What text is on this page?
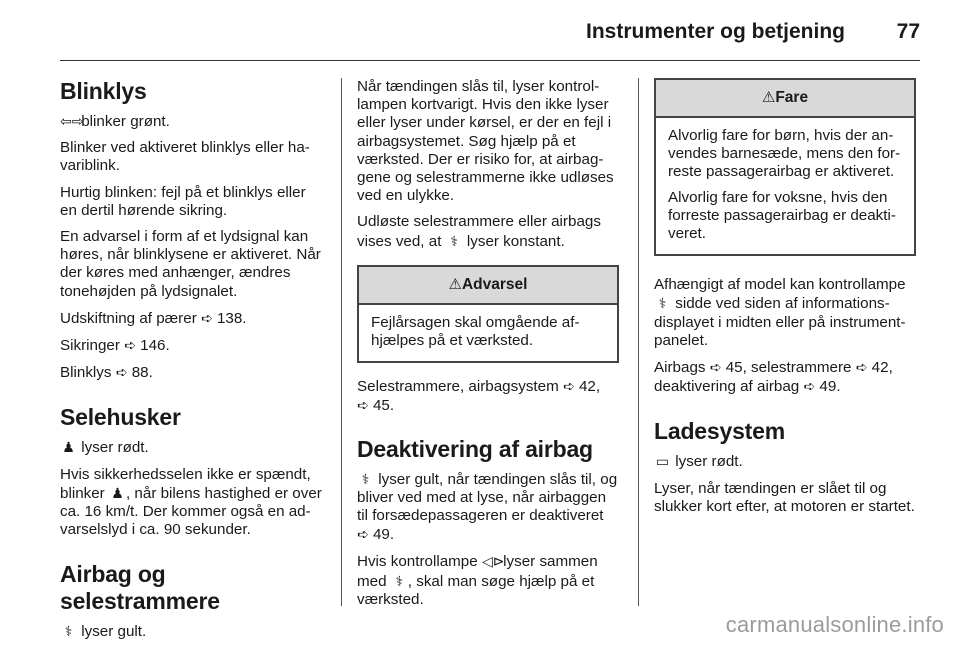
Instrumenter og betjening 77
Blinklys

⇦⇨ blinker grønt.

Blinker ved aktiveret blinklys eller havariblink.

Hurtig blinken: fejl på et blinklys eller en dertil hørende sikring.

En advarsel i form af et lydsignal kan høres, når blinklysene er aktiveret. Når der køres med anhænger, ændres tonehøjden på lydsignalet.

Udskiftning af pærer ➪ 138.

Sikringer ➪ 146.

Blinklys ➪ 88.

Selehusker

♟ lyser rødt.

Hvis sikkerhedsselen ikke er spændt, blinker ♟ , når bilens hastighed er over ca. 16 km/t. Der kommer også en advarselslyd i ca. 90 sekunder.

Airbag og selestrammere

⚕ lyser gult.

Når tændingen slås til, lyser kontrollampen kortvarigt. Hvis den ikke lyser eller lyser under kørsel, er der en fejl i airbagsystemet. Søg hjælp på et værksted. Der er risiko for, at airbaggene og selestrammerne ikke udløses ved en ulykke.

Udløste selestrammere eller airbags vises ved, at ⚕ lyser konstant.

⚠Advarsel

Fejlårsagen skal omgående afhjælpes på et værksted.

Selestrammere, airbagsystem ➪ 42,
➪ 45.

Deaktivering af airbag

⚕ lyser gult, når tændingen slås til, og bliver ved med at lyse, når airbaggen til forsædepassageren er deaktiveret ➪ 49.

Hvis kontrollampe ◁⊳ lyser sammen med ⚕ , skal man søge hjælp på et værksted.

⚠Fare

Alvorlig fare for børn, hvis der anvendes barnesæde, mens den forreste passagerairbag er aktiveret.

Alvorlig fare for voksne, hvis den forreste passagerairbag er deaktiveret.

Afhængigt af model kan kontrollampe ⚕ sidde ved siden af informationsdisplayet i midten eller på instrumentpanelet.

Airbags ➪ 45, selestrammere ➪ 42, deaktivering af airbag ➪ 49.

Ladesystem

▭ lyser rødt.

Lyser, når tændingen er slået til og slukker kort efter, at motoren er startet.

carmanualsonline.info
